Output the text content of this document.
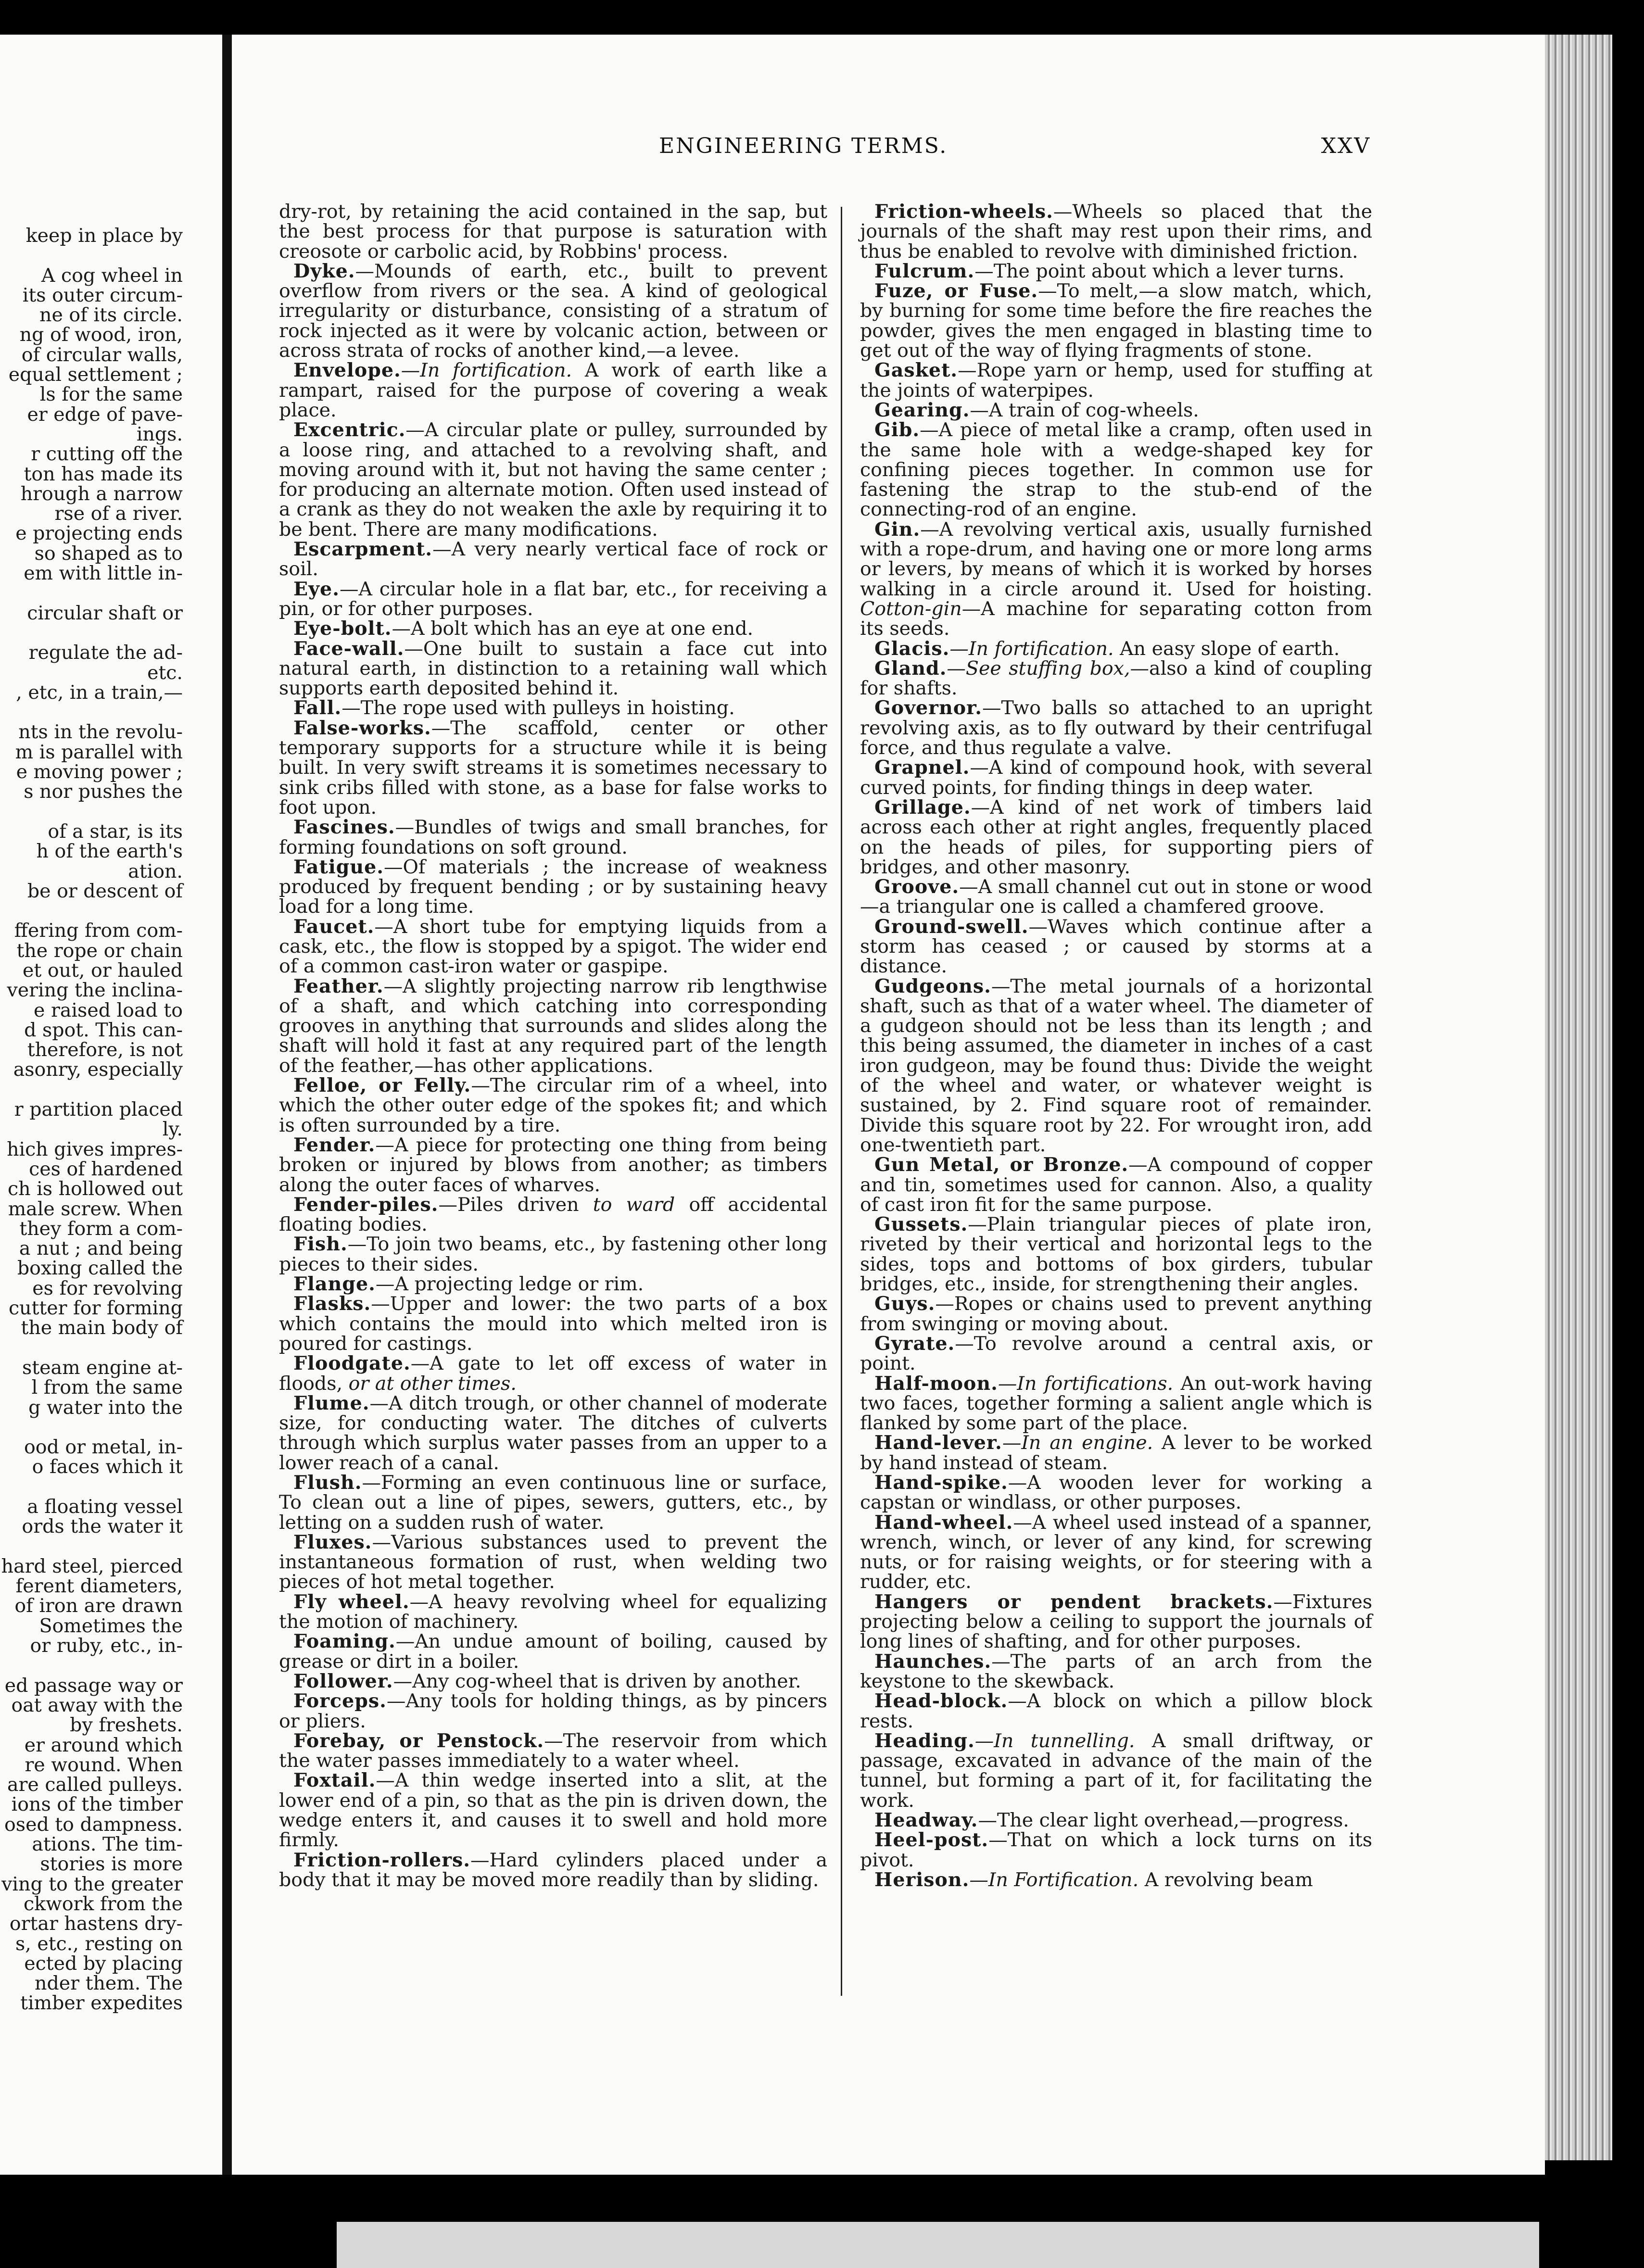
keep in place by
A cog wheel in
its outer circum-
ne of its circle.
ng of wood, iron,
of circular walls,
equal settlement ;
ls for the same
er edge of pave-
ings.
r cutting off the
ton has made its
hrough a narrow
rse of a river.
e projecting ends
so shaped as to
em with little in-
circular shaft or
regulate the ad-
etc.
, etc, in a train,—
nts in the revolu-
m is parallel with
e moving power ;
s nor pushes the
of a star, is its
h of the earth's
ation.
be or descent of
ffering from com-
the rope or chain
et out, or hauled
vering the inclina-
e raised load to
d spot. This can-
therefore, is not
asonry, especially
r partition placed
ly.
hich gives impres-
ces of hardened
ch is hollowed out
male screw. When
they form a com-
a nut ; and being
boxing called the
es for revolving
cutter for forming
the main body of
steam engine at-
l from the same
g water into the
ood or metal, in-
o faces which it
a floating vessel
ords the water it
hard steel, pierced
ferent diameters,
of iron are drawn
Sometimes the
or ruby, etc., in-
ed passage way or
oat away with the
by freshets.
er around which
re wound. When
are called pulleys.
ions of the timber
osed to dampness.
ations. The tim-
stories is more
ving to the greater
ckwork from the
ortar hastens dry-
s, etc., resting on
ected by placing
nder them. The
timber expedites
ENGINEERING TERMS.	XXV

dry-rot, by retaining the acid contained in the sap, but the best process for that purpose is saturation with creosote or carbolic acid, by Robbins' process.

Dyke.—Mounds of earth, etc., built to prevent overflow from rivers or the sea. A kind of geological irregularity or disturbance, consisting of a stratum of rock injected as it were by volcanic action, between or across strata of rocks of another kind,—a levee.

Envelope.—In fortification. A work of earth like a rampart, raised for the purpose of covering a weak place.

Excentric.—A circular plate or pulley, surrounded by a loose ring, and attached to a revolving shaft, and moving around with it, but not having the same center ; for producing an alternate motion. Often used instead of a crank as they do not weaken the axle by requiring it to be bent. There are many modifications.

Escarpment.—A very nearly vertical face of rock or soil.

Eye.—A circular hole in a flat bar, etc., for receiving a pin, or for other purposes.

Eye-bolt.—A bolt which has an eye at one end.

Face-wall.—One built to sustain a face cut into natural earth, in distinction to a retaining wall which supports earth deposited behind it.

Fall.—The rope used with pulleys in hoisting.

False-works.—The scaffold, center or other temporary supports for a structure while it is being built. In very swift streams it is sometimes necessary to sink cribs filled with stone, as a base for false works to foot upon.

Fascines.—Bundles of twigs and small branches, for forming foundations on soft ground.

Fatigue.—Of materials ; the increase of weakness produced by frequent bending ; or by sustaining heavy load for a long time.

Faucet.—A short tube for emptying liquids from a cask, etc., the flow is stopped by a spigot. The wider end of a common cast-iron water or gaspipe.

Feather.—A slightly projecting narrow rib lengthwise of a shaft, and which catching into corresponding grooves in anything that surrounds and slides along the shaft will hold it fast at any required part of the length of the feather,—has other applications.

Felloe, or Felly.—The circular rim of a wheel, into which the other outer edge of the spokes fit; and which is often surrounded by a tire.

Fender.—A piece for protecting one thing from being broken or injured by blows from another; as timbers along the outer faces of wharves.

Fender-piles.—Piles driven to ward off accidental floating bodies.

Fish.—To join two beams, etc., by fastening other long pieces to their sides.

Flange.—A projecting ledge or rim.

Flasks.—Upper and lower: the two parts of a box which contains the mould into which melted iron is poured for castings.

Floodgate.—A gate to let off excess of water in floods, or at other times.

Flume.—A ditch trough, or other channel of moderate size, for conducting water. The ditches of culverts through which surplus water passes from an upper to a lower reach of a canal.

Flush.—Forming an even continuous line or surface, To clean out a line of pipes, sewers, gutters, etc., by letting on a sudden rush of water.

Fluxes.—Various substances used to prevent the instantaneous formation of rust, when welding two pieces of hot metal together.

Fly wheel.—A heavy revolving wheel for equalizing the motion of machinery.

Foaming.—An undue amount of boiling, caused by grease or dirt in a boiler.

Follower.—Any cog-wheel that is driven by another.

Forceps.—Any tools for holding things, as by pincers or pliers.

Forebay, or Penstock.—The reservoir from which the water passes immediately to a water wheel.

Foxtail.—A thin wedge inserted into a slit, at the lower end of a pin, so that as the pin is driven down, the wedge enters it, and causes it to swell and hold more firmly.

Friction-rollers.—Hard cylinders placed under a body that it may be moved more readily than by sliding.

Friction-wheels.—Wheels so placed that the journals of the shaft may rest upon their rims, and thus be enabled to revolve with diminished friction.

Fulcrum.—The point about which a lever turns.

Fuze, or Fuse.—To melt,—a slow match, which, by burning for some time before the fire reaches the powder, gives the men engaged in blasting time to get out of the way of flying fragments of stone.

Gasket.—Rope yarn or hemp, used for stuffing at the joints of waterpipes.

Gearing.—A train of cog-wheels.

Gib.—A piece of metal like a cramp, often used in the same hole with a wedge-shaped key for confining pieces together. In common use for fastening the strap to the stub-end of the connecting-rod of an engine.

Gin.—A revolving vertical axis, usually furnished with a rope-drum, and having one or more long arms or levers, by means of which it is worked by horses walking in a circle around it. Used for hoisting. Cotton-gin—A machine for separating cotton from its seeds.

Glacis.—In fortification. An easy slope of earth.

Gland.—See stuffing box,—also a kind of coupling for shafts.

Governor.—Two balls so attached to an upright revolving axis, as to fly outward by their centrifugal force, and thus regulate a valve.

Grapnel.—A kind of compound hook, with several curved points, for finding things in deep water.

Grillage.—A kind of net work of timbers laid across each other at right angles, frequently placed on the heads of piles, for supporting piers of bridges, and other masonry.

Groove.—A small channel cut out in stone or wood—a triangular one is called a chamfered groove.

Ground-swell.—Waves which continue after a storm has ceased ; or caused by storms at a distance.

Gudgeons.—The metal journals of a horizontal shaft, such as that of a water wheel. The diameter of a gudgeon should not be less than its length ; and this being assumed, the diameter in inches of a cast iron gudgeon, may be found thus: Divide the weight of the wheel and water, or whatever weight is sustained, by 2. Find square root of remainder. Divide this square root by 22. For wrought iron, add one-twentieth part.

Gun Metal, or Bronze.—A compound of copper and tin, sometimes used for cannon. Also, a quality of cast iron fit for the same purpose.

Gussets.—Plain triangular pieces of plate iron, riveted by their vertical and horizontal legs to the sides, tops and bottoms of box girders, tubular bridges, etc., inside, for strengthening their angles.

Guys.—Ropes or chains used to prevent anything from swinging or moving about.

Gyrate.—To revolve around a central axis, or point.

Half-moon.—In fortifications. An out-work having two faces, together forming a salient angle which is flanked by some part of the place.

Hand-lever.—In an engine. A lever to be worked by hand instead of steam.

Hand-spike.—A wooden lever for working a capstan or windlass, or other purposes.

Hand-wheel.—A wheel used instead of a spanner, wrench, winch, or lever of any kind, for screwing nuts, or for raising weights, or for steering with a rudder, etc.

Hangers or pendent brackets.—Fixtures projecting below a ceiling to support the journals of long lines of shafting, and for other purposes.

Haunches.—The parts of an arch from the keystone to the skewback.

Head-block.—A block on which a pillow block rests.

Heading.—In tunnelling. A small driftway, or passage, excavated in advance of the main of the tunnel, but forming a part of it, for facilitating the work.

Headway.—The clear light overhead,—progress.

Heel-post.—That on which a lock turns on its pivot.

Herison.—In Fortification. A revolving beam
